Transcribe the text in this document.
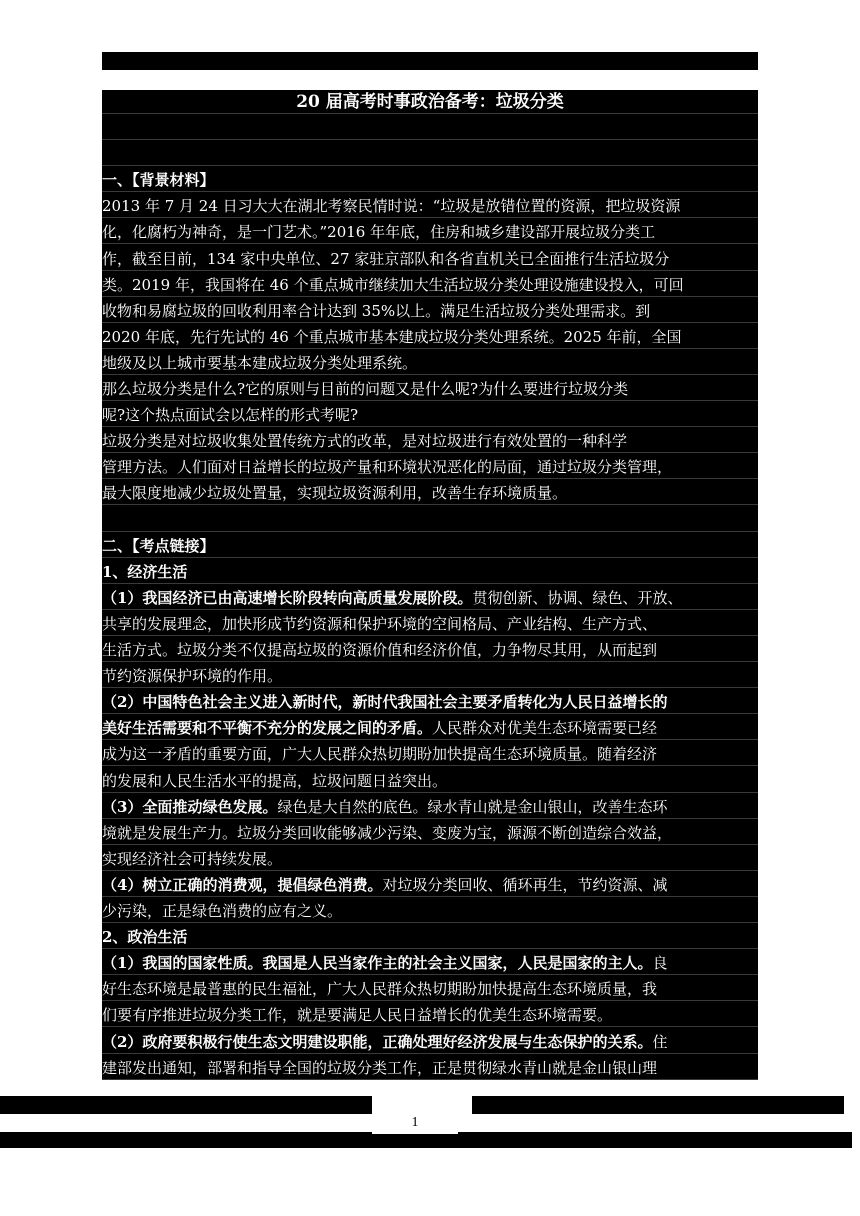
20 届高考时事政治备考：垃圾分类
一、【背景材料】
2013 年 7 月 24 日习大大在湖北考察民情时说：“垃圾是放错位置的资源，把垃圾资源
化，化腐朽为神奇，是一门艺术。”2016 年年底，住房和城乡建设部开展垃圾分类工
作，截至目前，134 家中央单位、27 家驻京部队和各省直机关已全面推行生活垃圾分
类。2019 年，我国将在 46 个重点城市继续加大生活垃圾分类处理设施建设投入，可回
收物和易腐垃圾的回收利用率合计达到 35%以上。满足生活垃圾分类处理需求。到
2020 年底，先行先试的 46 个重点城市基本建成垃圾分类处理系统。2025 年前，全国
地级及以上城市要基本建成垃圾分类处理系统。
那么垃圾分类是什么?它的原则与目前的问题又是什么呢?为什么要进行垃圾分类
呢?这个热点面试会以怎样的形式考呢?
垃圾分类是对垃圾收集处置传统方式的改革，是对垃圾进行有效处置的一种科学
管理方法。人们面对日益增长的垃圾产量和环境状况恶化的局面，通过垃圾分类管理，
最大限度地减少垃圾处置量，实现垃圾资源利用，改善生存环境质量。
二、【考点链接】
1、经济生活
（1）我国经济已由高速增长阶段转向高质量发展阶段。贯彻创新、协调、绿色、开放、
共享的发展理念，加快形成节约资源和保护环境的空间格局、产业结构、生产方式、
生活方式。垃圾分类不仅提高垃圾的资源价值和经济价值，力争物尽其用，从而起到
节约资源保护环境的作用。
（2）中国特色社会主义进入新时代，新时代我国社会主要矛盾转化为人民日益增长的
美好生活需要和不平衡不充分的发展之间的矛盾。人民群众对优美生态环境需要已经
成为这一矛盾的重要方面，广大人民群众热切期盼加快提高生态环境质量。随着经济
的发展和人民生活水平的提高，垃圾问题日益突出。
（3）全面推动绿色发展。绿色是大自然的底色。绿水青山就是金山银山，改善生态环
境就是发展生产力。垃圾分类回收能够减少污染、变废为宝，源源不断创造综合效益，
实现经济社会可持续发展。
（4）树立正确的消费观，提倡绿色消费。对垃圾分类回收、循环再生，节约资源、减
少污染，正是绿色消费的应有之义。
2、政治生活
（1）我国的国家性质。我国是人民当家作主的社会主义国家，人民是国家的主人。良
好生态环境是最普惠的民生福祉，广大人民群众热切期盼加快提高生态环境质量，我
们要有序推进垃圾分类工作，就是要满足人民日益增长的优美生态环境需要。
（2）政府要积极行使生态文明建设职能，正确处理好经济发展与生态保护的关系。住
建部发出通知，部署和指导全国的垃圾分类工作，正是贯彻绿水青山就是金山银山理
1
